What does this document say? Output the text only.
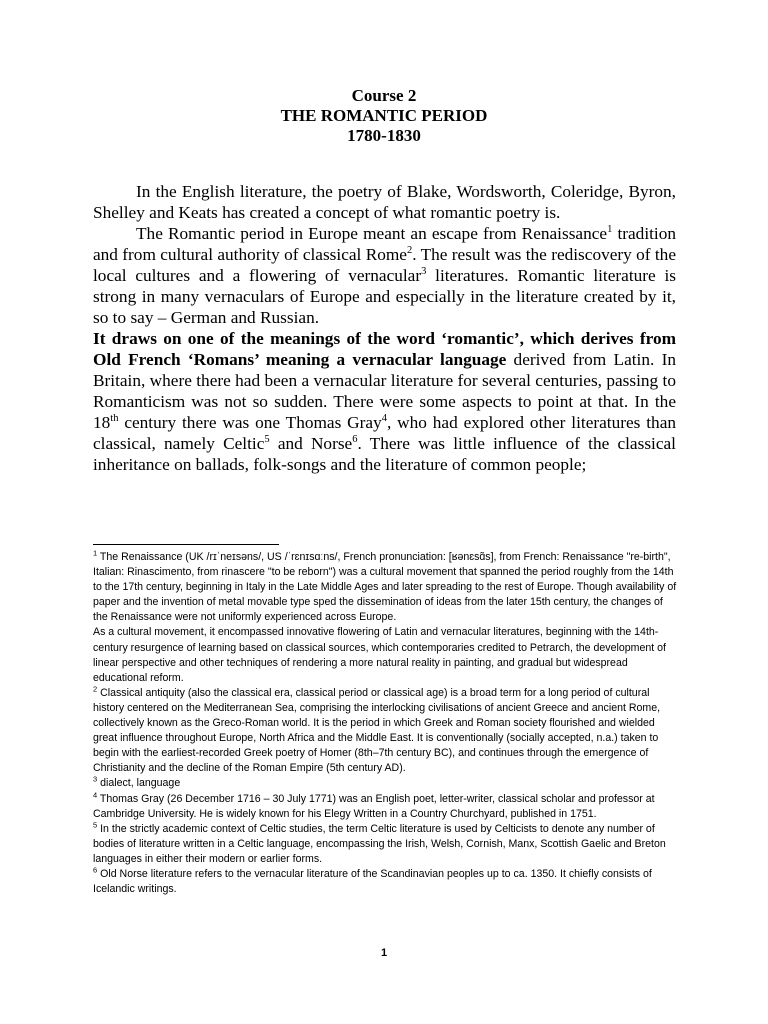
Course 2
THE ROMANTIC PERIOD
1780-1830

In the English literature, the poetry of Blake, Wordsworth, Coleridge, Byron, Shelley and Keats has created a concept of what romantic poetry is.

The Romantic period in Europe meant an escape from Renaissance$^1$ tradition and from cultural authority of classical Rome$^2$. The result was the rediscovery of the local cultures and a flowering of vernacular$^3$ literatures. Romantic literature is strong in many vernaculars of Europe and especially in the literature created by it, so to say – German and Russian.

It draws on one of the meanings of the word ‘romantic’, which derives from Old French ‘Romans’ meaning a vernacular language derived from Latin. In Britain, where there had been a vernacular literature for several centuries, passing to Romanticism was not so sudden. There were some aspects to point at that. In the 18th century there was one Thomas Gray$^4$, who had explored other literatures than classical, namely Celtic$^5$ and Norse$^6$. There was little influence of the classical inheritance on ballads, folk-songs and the literature of common people;

$^1$ The Renaissance (UK /rɪˈneɪsəns/, US /ˈrɛnɪsɑːns/, French pronunciation: [ʁənɛsɑ̃s], from French: Renaissance "re-birth", Italian: Rinascimento, from rinascere "to be reborn") was a cultural movement that spanned the period roughly from the 14th to the 17th century, beginning in Italy in the Late Middle Ages and later spreading to the rest of Europe. Though availability of paper and the invention of metal movable type sped the dissemination of ideas from the later 15th century, the changes of the Renaissance were not uniformly experienced across Europe.

As a cultural movement, it encompassed innovative flowering of Latin and vernacular literatures, beginning with the 14th-century resurgence of learning based on classical sources, which contemporaries credited to Petrarch, the development of linear perspective and other techniques of rendering a more natural reality in painting, and gradual but widespread educational reform.

$^2$ Classical antiquity (also the classical era, classical period or classical age) is a broad term for a long period of cultural history centered on the Mediterranean Sea, comprising the interlocking civilisations of ancient Greece and ancient Rome, collectively known as the Greco-Roman world. It is the period in which Greek and Roman society flourished and wielded great influence throughout Europe, North Africa and the Middle East. It is conventionally (socially accepted, n.a.) taken to begin with the earliest-recorded Greek poetry of Homer (8th–7th century BC), and continues through the emergence of Christianity and the decline of the Roman Empire (5th century AD).

$^3$ dialect, language

$^4$ Thomas Gray (26 December 1716 – 30 July 1771) was an English poet, letter-writer, classical scholar and professor at Cambridge University. He is widely known for his Elegy Written in a Country Churchyard, published in 1751.

$^5$ In the strictly academic context of Celtic studies, the term Celtic literature is used by Celticists to denote any number of bodies of literature written in a Celtic language, encompassing the Irish, Welsh, Cornish, Manx, Scottish Gaelic and Breton languages in either their modern or earlier forms.

$^6$ Old Norse literature refers to the vernacular literature of the Scandinavian peoples up to ca. 1350. It chiefly consists of Icelandic writings.

1
